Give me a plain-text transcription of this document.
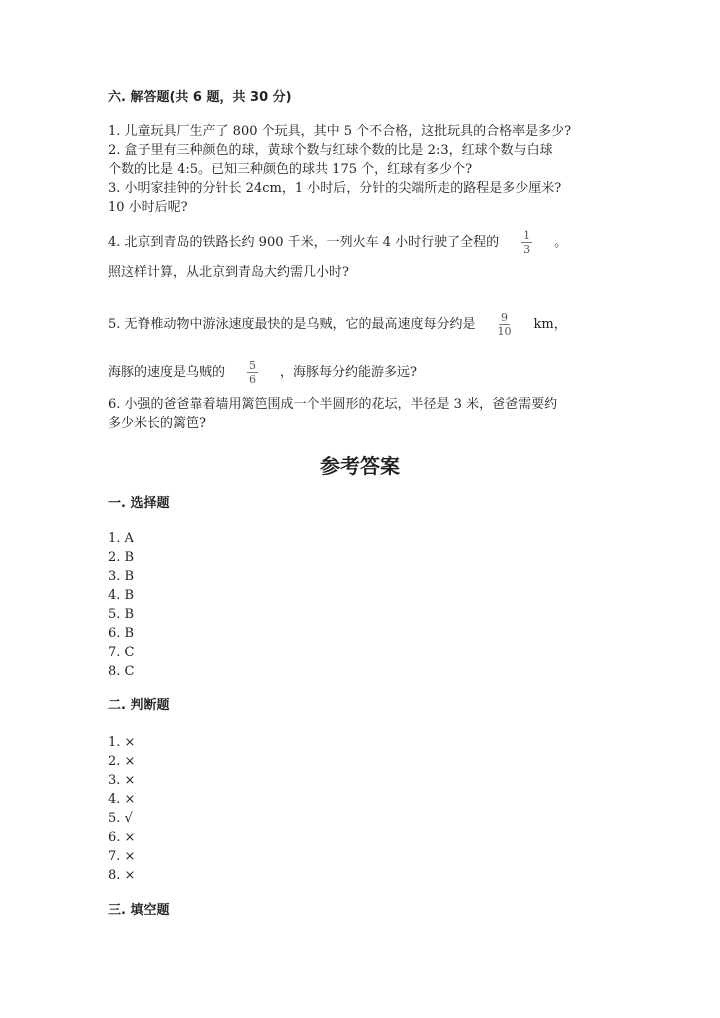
六. 解答题(共 6 题，共 30 分)
1. 儿童玩具厂生产了 800 个玩具，其中 5 个不合格，这批玩具的合格率是多少?
2. 盒子里有三种颜色的球，黄球个数与红球个数的比是 2:3，红球个数与白球
个数的比是 4:5。已知三种颜色的球共 175 个，红球有多少个?
3. 小明家挂钟的分针长 24cm，1 小时后，分针的尖端所走的路程是多少厘米?
10 小时后呢?
4. 北京到青岛的铁路长约 900 千米，一列火车 4 小时行驶了全程的 $\frac{1}{3}$ 。
照这样计算，从北京到青岛大约需几小时?
5. 无脊椎动物中游泳速度最快的是乌贼，它的最高速度每分约是 $\frac{9}{10}$ km，
海豚的速度是乌贼的 $\frac{5}{6}$ ，海豚每分约能游多远?
6. 小强的爸爸靠着墙用篱笆围成一个半圆形的花坛，半径是 3 米，爸爸需要约
多少米长的篱笆?
参考答案
一. 选择题
1. A
2. B
3. B
4. B
5. B
6. B
7. C
8. C
二. 判断题
1. ×
2. ×
3. ×
4. ×
5. √
6. ×
7. ×
8. ×
三. 填空题
